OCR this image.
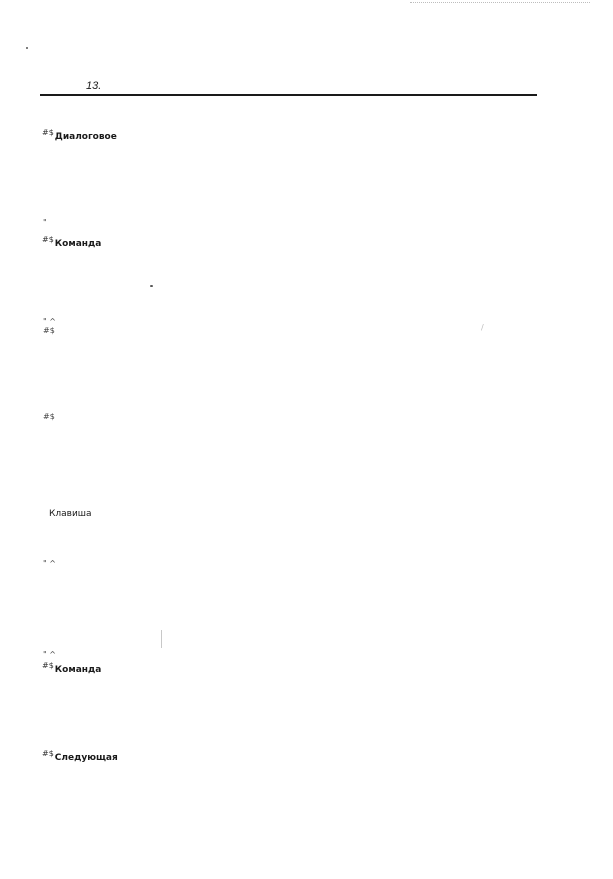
13.
#$Диалоговое
"
#$Команда
" ^
#$	/
#$
Клавиша
" ^
" ^
#$Команда
#$Следующая
